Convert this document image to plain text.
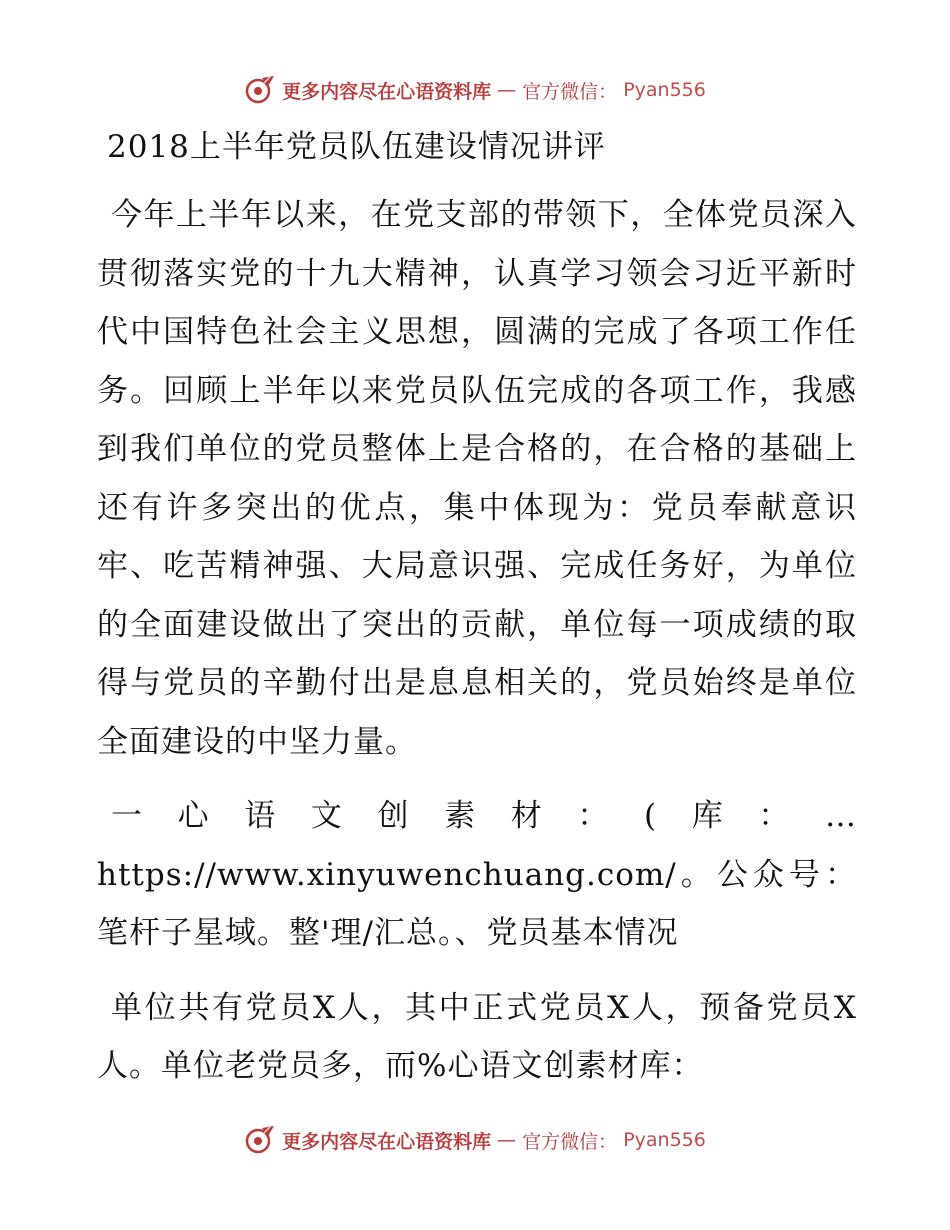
更多内容尽在心语资料库 — 官方微信： Pyan556
2018上半年党员队伍建设情况讲评

今年上半年以来，在党支部的带领下，全体党员深入贯彻落实党的十九大精神，认真学习领会习近平新时代中国特色社会主义思想，圆满的完成了各项工作任务。回顾上半年以来党员队伍完成的各项工作，我感到我们单位的党员整体上是合格的，在合格的基础上还有许多突出的优点，集中体现为：党员奉献意识牢、吃苦精神强、大局意识强、完成任务好，为单位的全面建设做出了突出的贡献，单位每一项成绩的取得与党员的辛勤付出是息息相关的，党员始终是单位全面建设的中坚力量。

一心语文创素材：(库：…https://www.xinyuwenchuang.com/。公众号：笔杆子星域。整'理/汇总。、党员基本情况

单位共有党员X人，其中正式党员X人，预备党员X人。单位老党员多，而%心语文创素材库：

更多内容尽在心语资料库 — 官方微信： Pyan556
